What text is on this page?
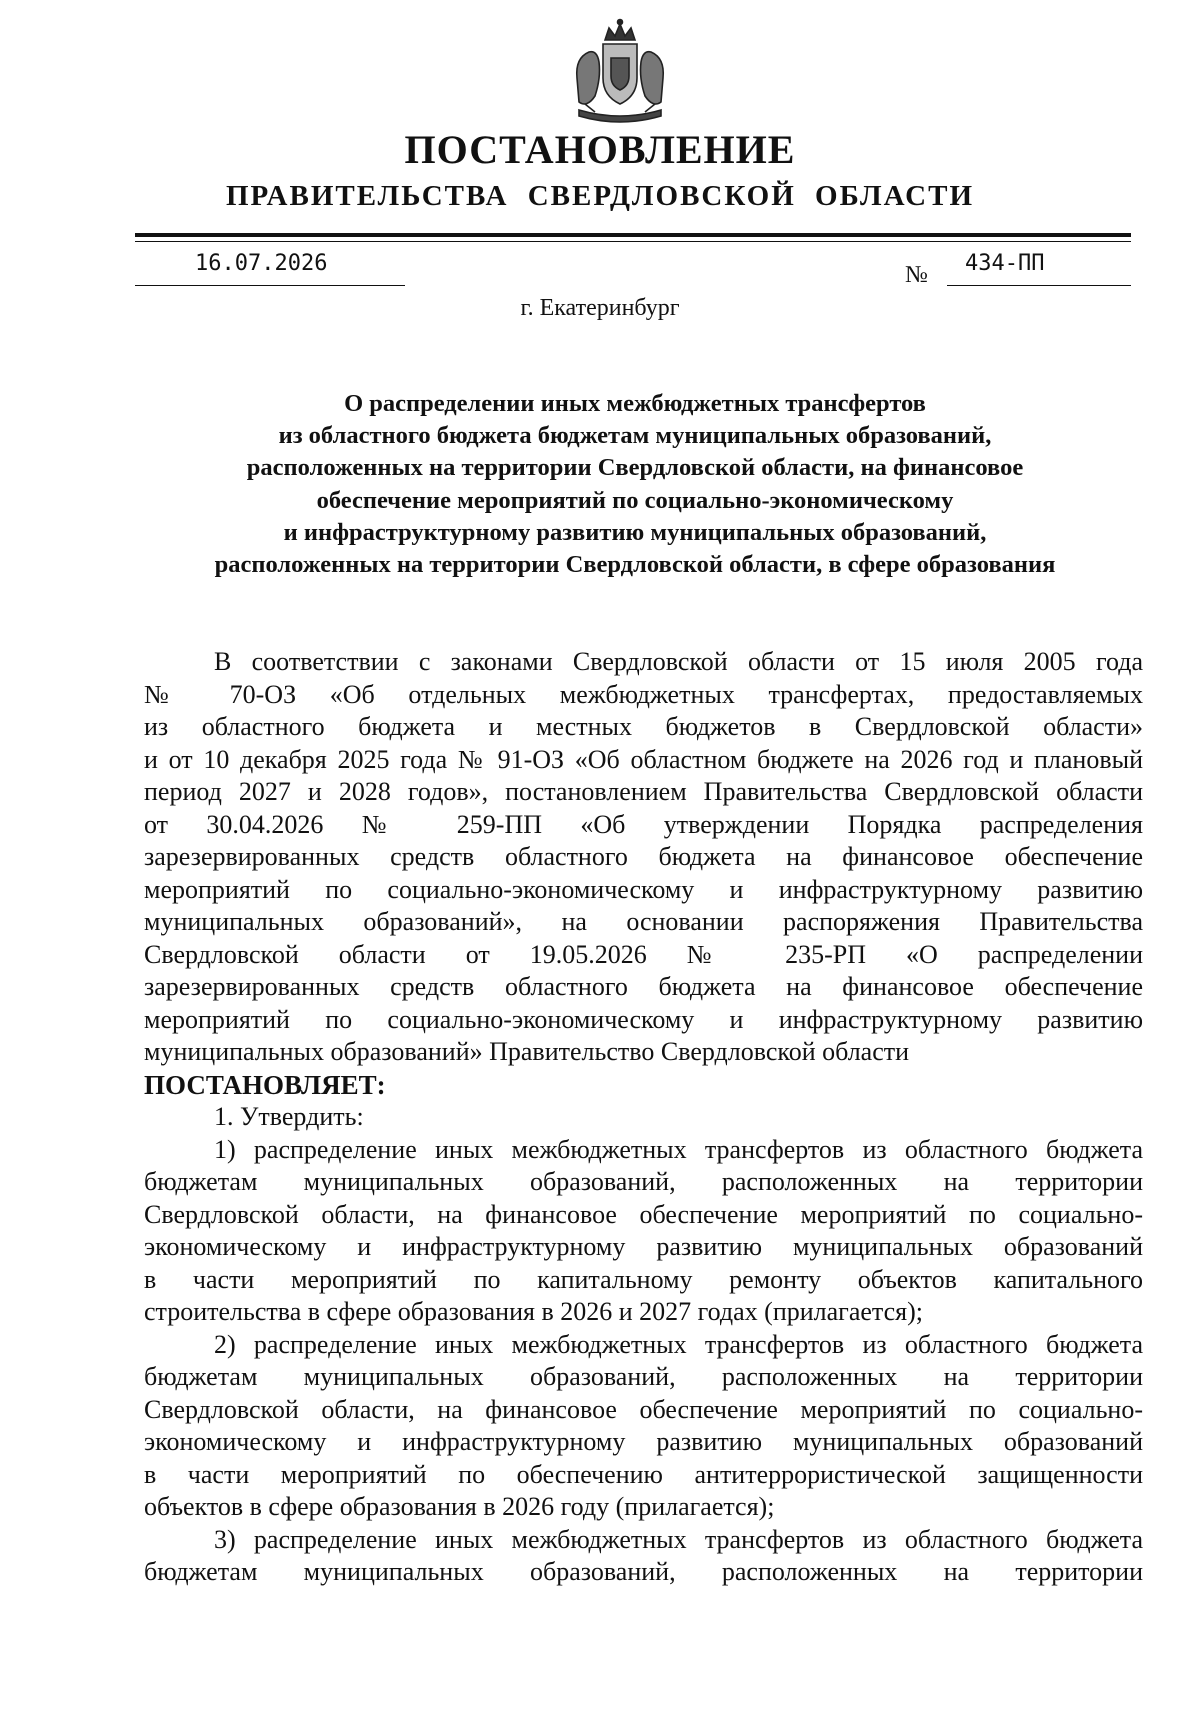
ПОСТАНОВЛЕНИЕ
ПРАВИТЕЛЬСТВА СВЕРДЛОВСКОЙ ОБЛАСТИ
16.07.2026	№ 434-ПП
г. Екатеринбург
О распределении иных межбюджетных трансфертов
из областного бюджета бюджетам муниципальных образований,
расположенных на территории Свердловской области, на финансовое
обеспечение мероприятий по социально-экономическому
и инфраструктурному развитию муниципальных образований,
расположенных на территории Свердловской области, в сфере образования
В соответствии с законами Свердловской области от 15 июля 2005 года
№ 70-ОЗ «Об отдельных межбюджетных трансфертах, предоставляемых
из областного бюджета и местных бюджетов в Свердловской области»
и от 10 декабря 2025 года № 91-ОЗ «Об областном бюджете на 2026 год и плановый
период 2027 и 2028 годов», постановлением Правительства Свердловской области
от 30.04.2026 № 259-ПП «Об утверждении Порядка распределения
зарезервированных средств областного бюджета на финансовое обеспечение
мероприятий по социально-экономическому и инфраструктурному развитию
муниципальных образований», на основании распоряжения Правительства
Свердловской области от 19.05.2026 № 235-РП «О распределении
зарезервированных средств областного бюджета на финансовое обеспечение
мероприятий по социально-экономическому и инфраструктурному развитию
муниципальных образований» Правительство Свердловской области
ПОСТАНОВЛЯЕТ:
1. Утвердить:
1) распределение иных межбюджетных трансфертов из областного бюджета
бюджетам муниципальных образований, расположенных на территории
Свердловской области, на финансовое обеспечение мероприятий по социально-
экономическому и инфраструктурному развитию муниципальных образований
в части мероприятий по капитальному ремонту объектов капитального
строительства в сфере образования в 2026 и 2027 годах (прилагается);
2) распределение иных межбюджетных трансфертов из областного бюджета
бюджетам муниципальных образований, расположенных на территории
Свердловской области, на финансовое обеспечение мероприятий по социально-
экономическому и инфраструктурному развитию муниципальных образований
в части мероприятий по обеспечению антитеррористической защищенности
объектов в сфере образования в 2026 году (прилагается);
3) распределение иных межбюджетных трансфертов из областного бюджета
бюджетам муниципальных образований, расположенных на территории
